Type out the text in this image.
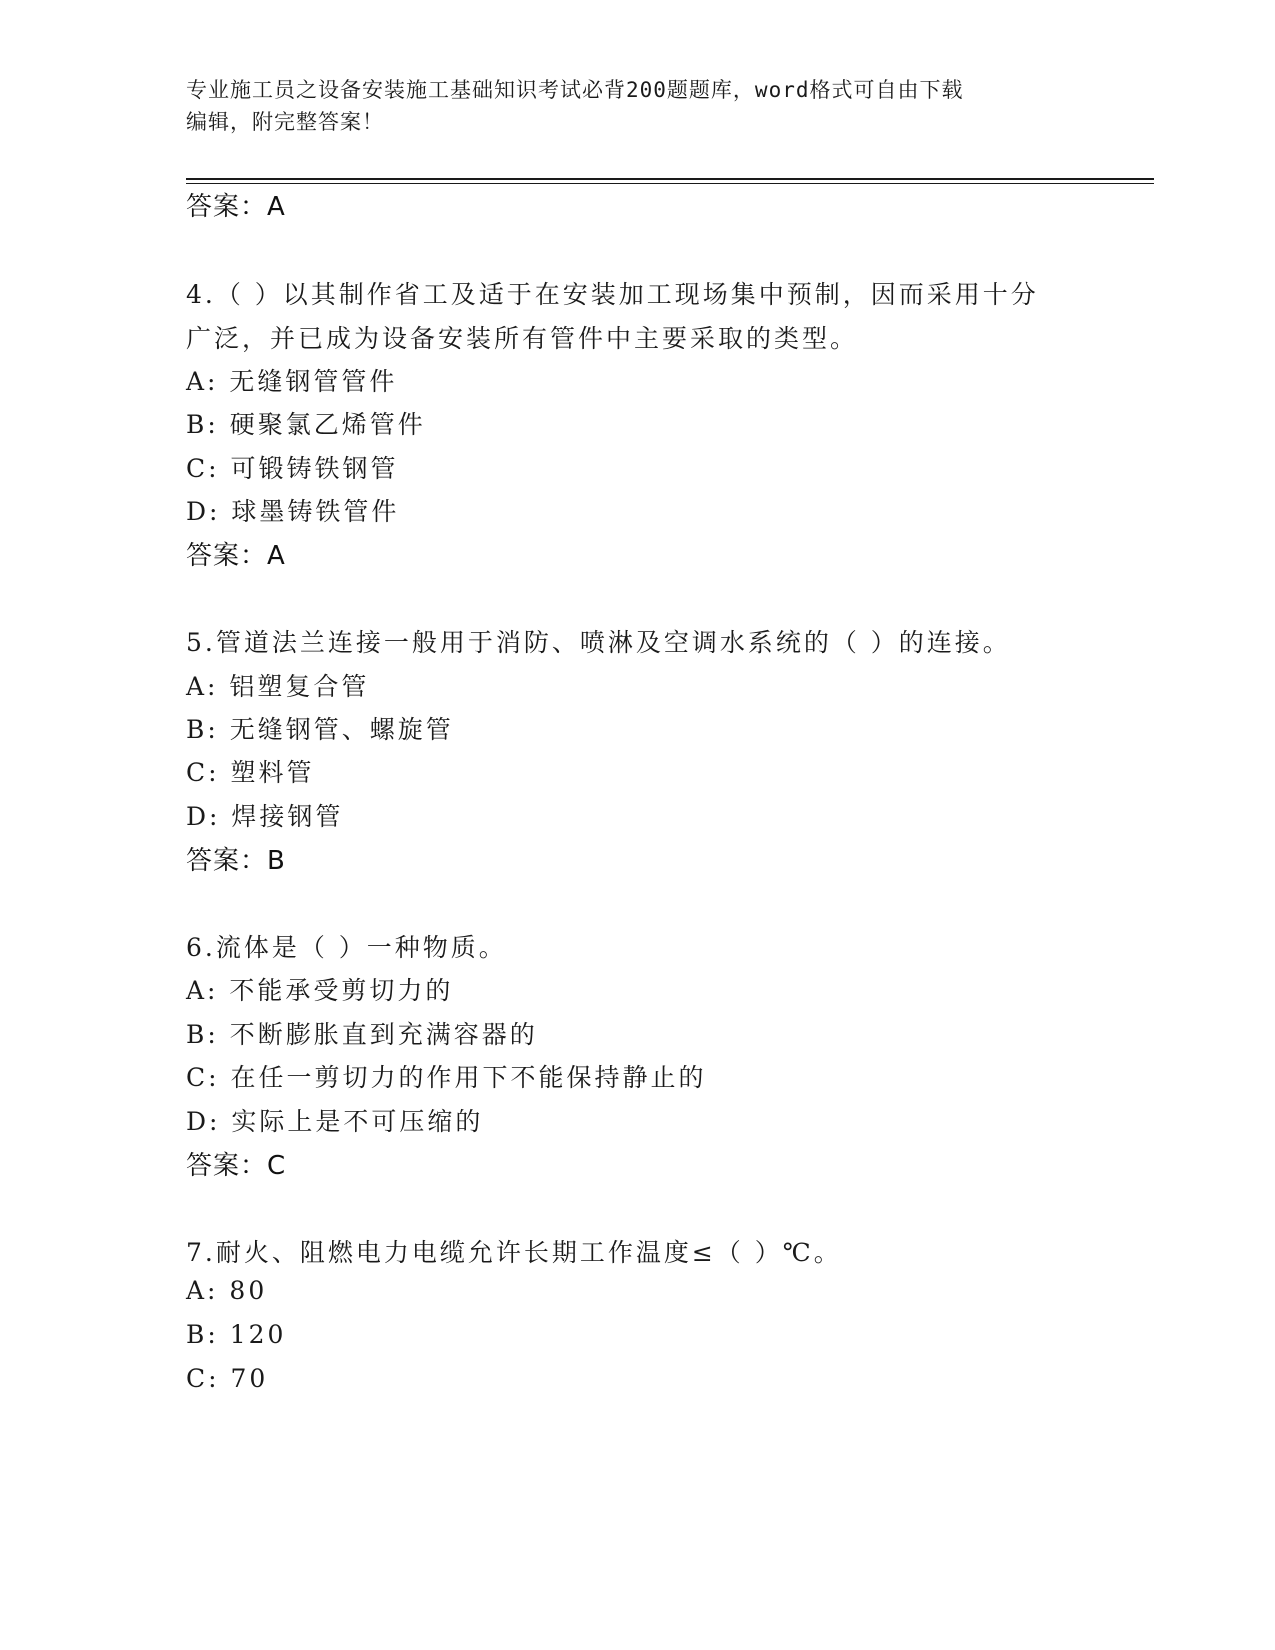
专业施工员之设备安装施工基础知识考试必背200题题库，word格式可自由下载
编辑，附完整答案！
答案：A
4.（ ）以其制作省工及适于在安装加工现场集中预制，因而采用十分
广泛，并已成为设备安装所有管件中主要采取的类型。
A: 无缝钢管管件
B: 硬聚氯乙烯管件
C: 可锻铸铁钢管
D: 球墨铸铁管件
答案：A
5.管道法兰连接一般用于消防、喷淋及空调水系统的（ ）的连接。
A: 铝塑复合管
B: 无缝钢管、螺旋管
C: 塑料管
D: 焊接钢管
答案：B
6.流体是（ ）一种物质。
A: 不能承受剪切力的
B: 不断膨胀直到充满容器的
C: 在任一剪切力的作用下不能保持静止的
D: 实际上是不可压缩的
答案：C
7.耐火、阻燃电力电缆允许长期工作温度≤（ ）℃。
A: 80
B: 120
C: 70
